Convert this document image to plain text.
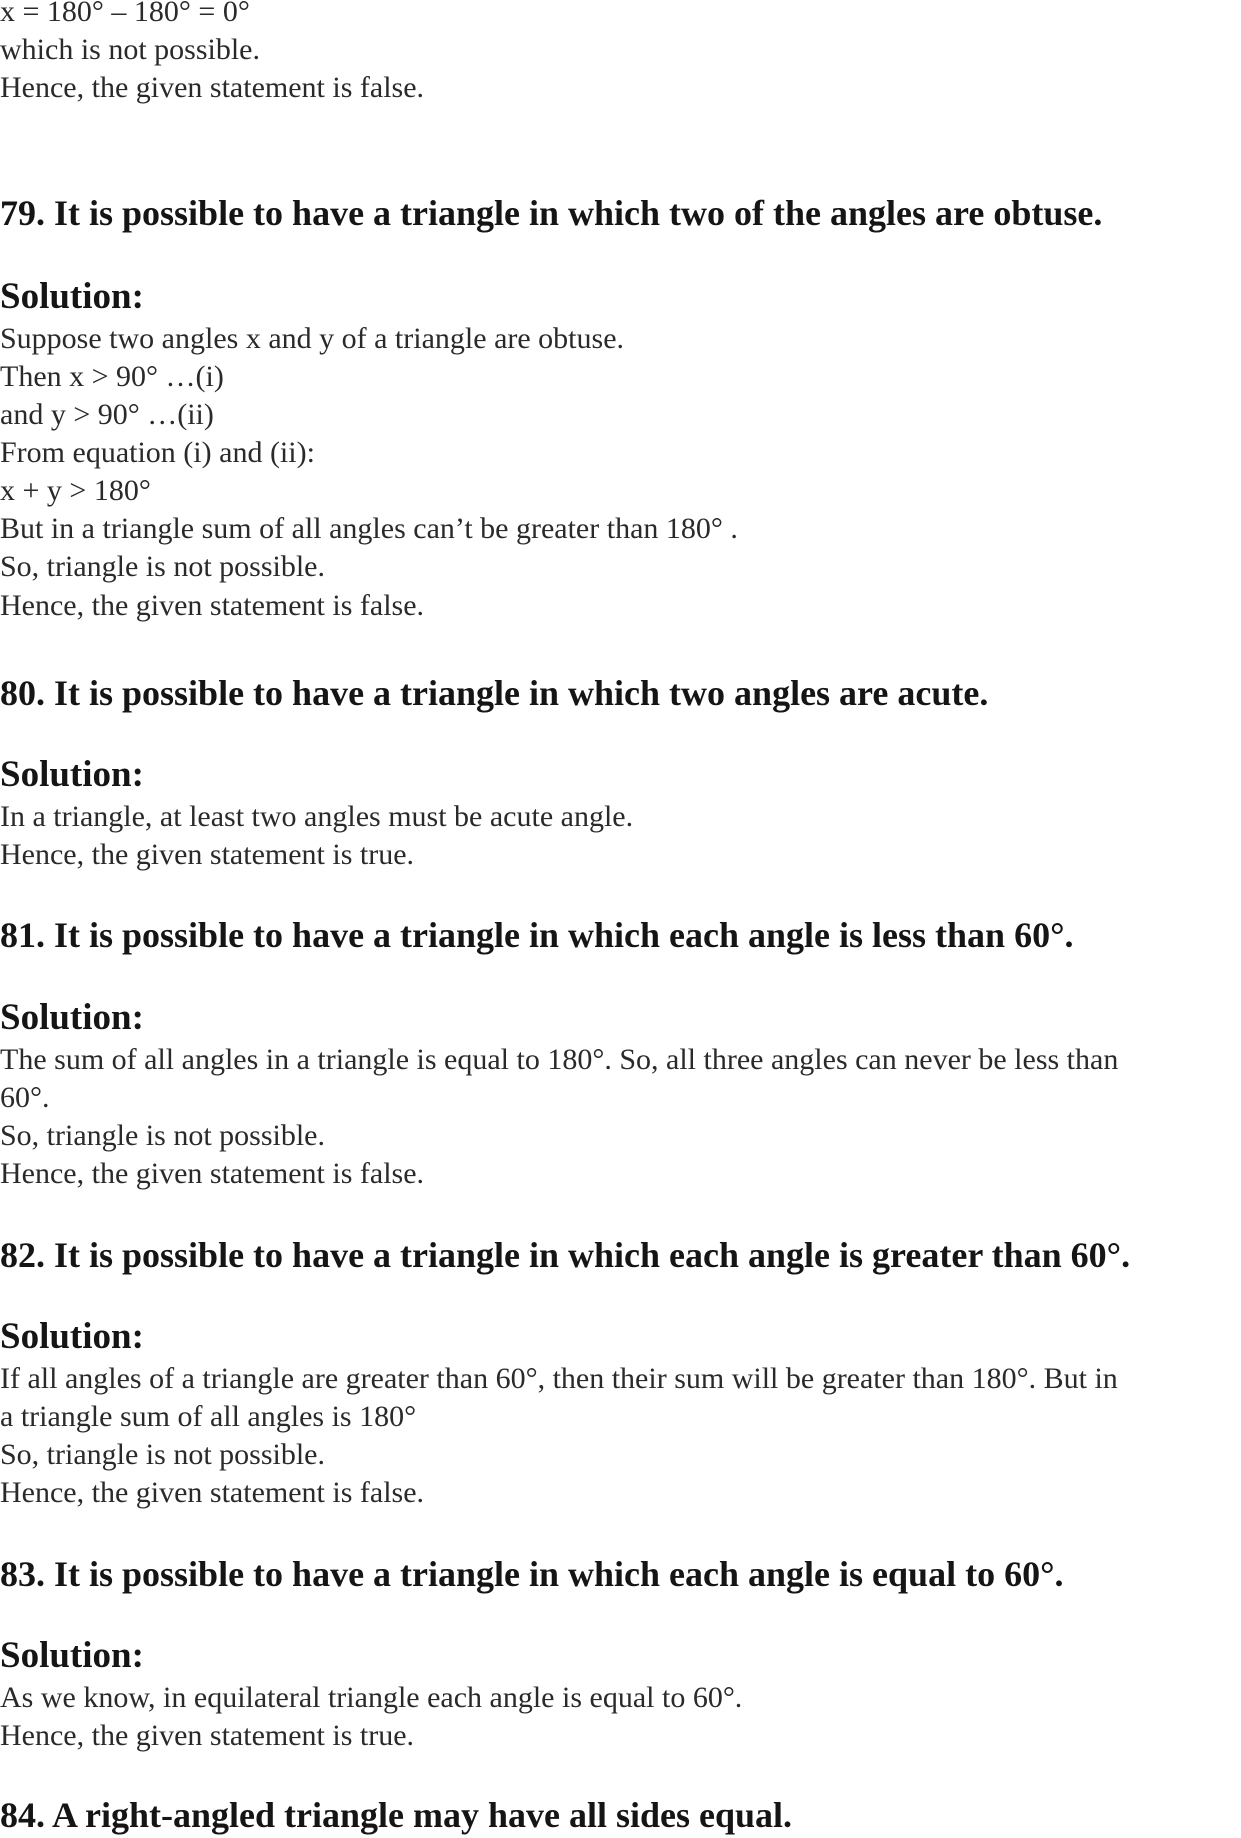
x = 180° – 180° = 0°
which is not possible.
Hence, the given statement is false.
79. It is possible to have a triangle in which two of the angles are obtuse.
Solution:
Suppose two angles x and y of a triangle are obtuse.
Then x > 90° …(i)
and y > 90° …(ii)
From equation (i) and (ii):
x + y > 180°
But in a triangle sum of all angles can’t be greater than 180° .
So, triangle is not possible.
Hence, the given statement is false.
80. It is possible to have a triangle in which two angles are acute.
Solution:
In a triangle, at least two angles must be acute angle.
Hence, the given statement is true.
81. It is possible to have a triangle in which each angle is less than 60°.
Solution:
The sum of all angles in a triangle is equal to 180°. So, all three angles can never be less than
60°.
So, triangle is not possible.
Hence, the given statement is false.
82. It is possible to have a triangle in which each angle is greater than 60°.
Solution:
If all angles of a triangle are greater than 60°, then their sum will be greater than 180°. But in
a triangle sum of all angles is 180°
So, triangle is not possible.
Hence, the given statement is false.
83. It is possible to have a triangle in which each angle is equal to 60°.
Solution:
As we know, in equilateral triangle each angle is equal to 60°.
Hence, the given statement is true.
84. A right-angled triangle may have all sides equal.
